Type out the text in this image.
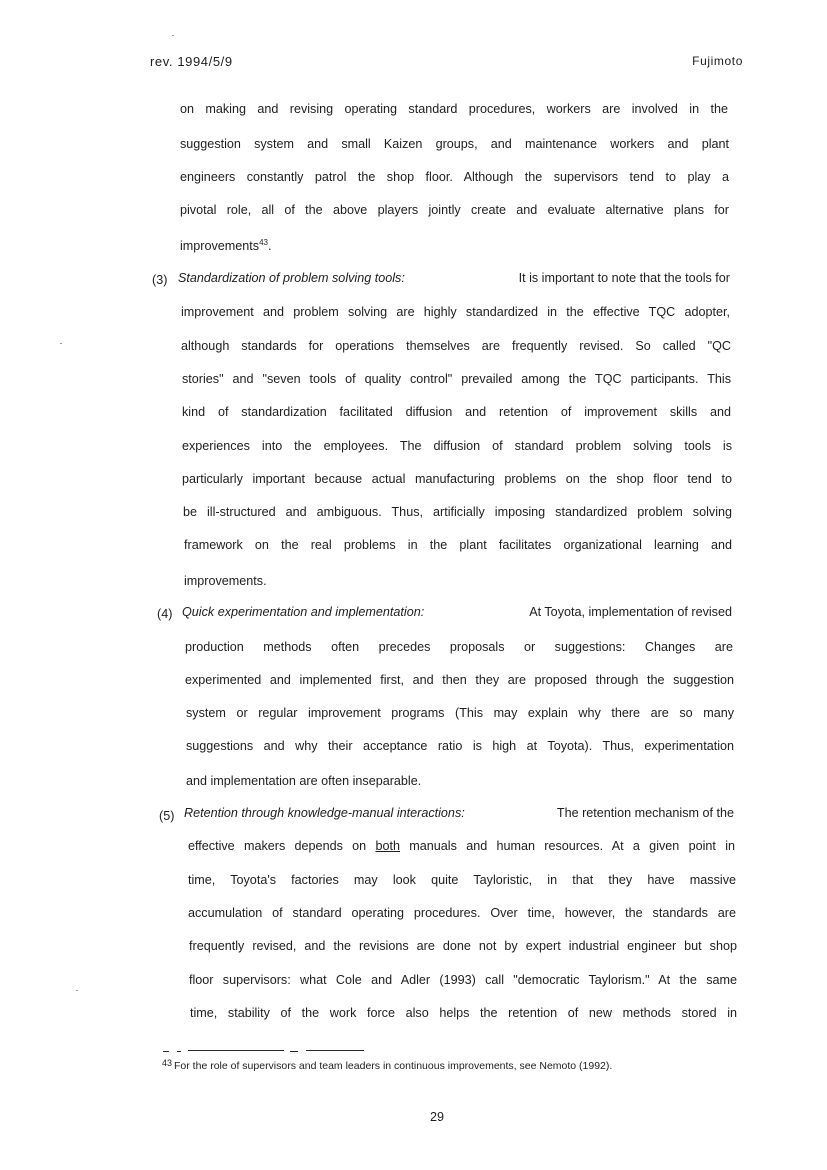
rev. 1994/5/9	Fujimoto
on making and revising operating standard procedures, workers are involved in the
suggestion system and small Kaizen groups, and maintenance workers and plant
engineers constantly patrol the shop floor. Although the supervisors tend to play a
pivotal role, all of the above players jointly create and evaluate alternative plans for
improvements$^{43}$.
(3) Standardization of problem solving tools:	It is important to note that the tools for
improvement and problem solving are highly standardized in the effective TQC adopter,
although standards for operations themselves are frequently revised. So called "QC
stories" and "seven tools of quality control" prevailed among the TQC participants. This
kind of standardization facilitated diffusion and retention of improvement skills and
experiences into the employees. The diffusion of standard problem solving tools is
particularly important because actual manufacturing problems on the shop floor tend to
be ill-structured and ambiguous. Thus, artificially imposing standardized problem solving
framework on the real problems in the plant facilitates organizational learning and
improvements.
(4) Quick experimentation and implementation:	At Toyota, implementation of revised
production methods often precedes proposals or suggestions: Changes are
experimented and implemented first, and then they are proposed through the suggestion
system or regular improvement programs (This may explain why there are so many
suggestions and why their acceptance ratio is high at Toyota). Thus, experimentation
and implementation are often inseparable.
(5) Retention through knowledge-manual interactions:	The retention mechanism of the
effective makers depends on both manuals and human resources. At a given point in
time, Toyota's factories may look quite Tayloristic, in that they have massive
accumulation of standard operating procedures. Over time, however, the standards are
frequently revised, and the revisions are done not by expert industrial engineer but shop
floor supervisors: what Cole and Adler (1993) call "democratic Taylorism." At the same
time, stability of the work force also helps the retention of new methods stored in
$^{43}$ For the role of supervisors and team leaders in continuous improvements, see Nemoto (1992).
29
